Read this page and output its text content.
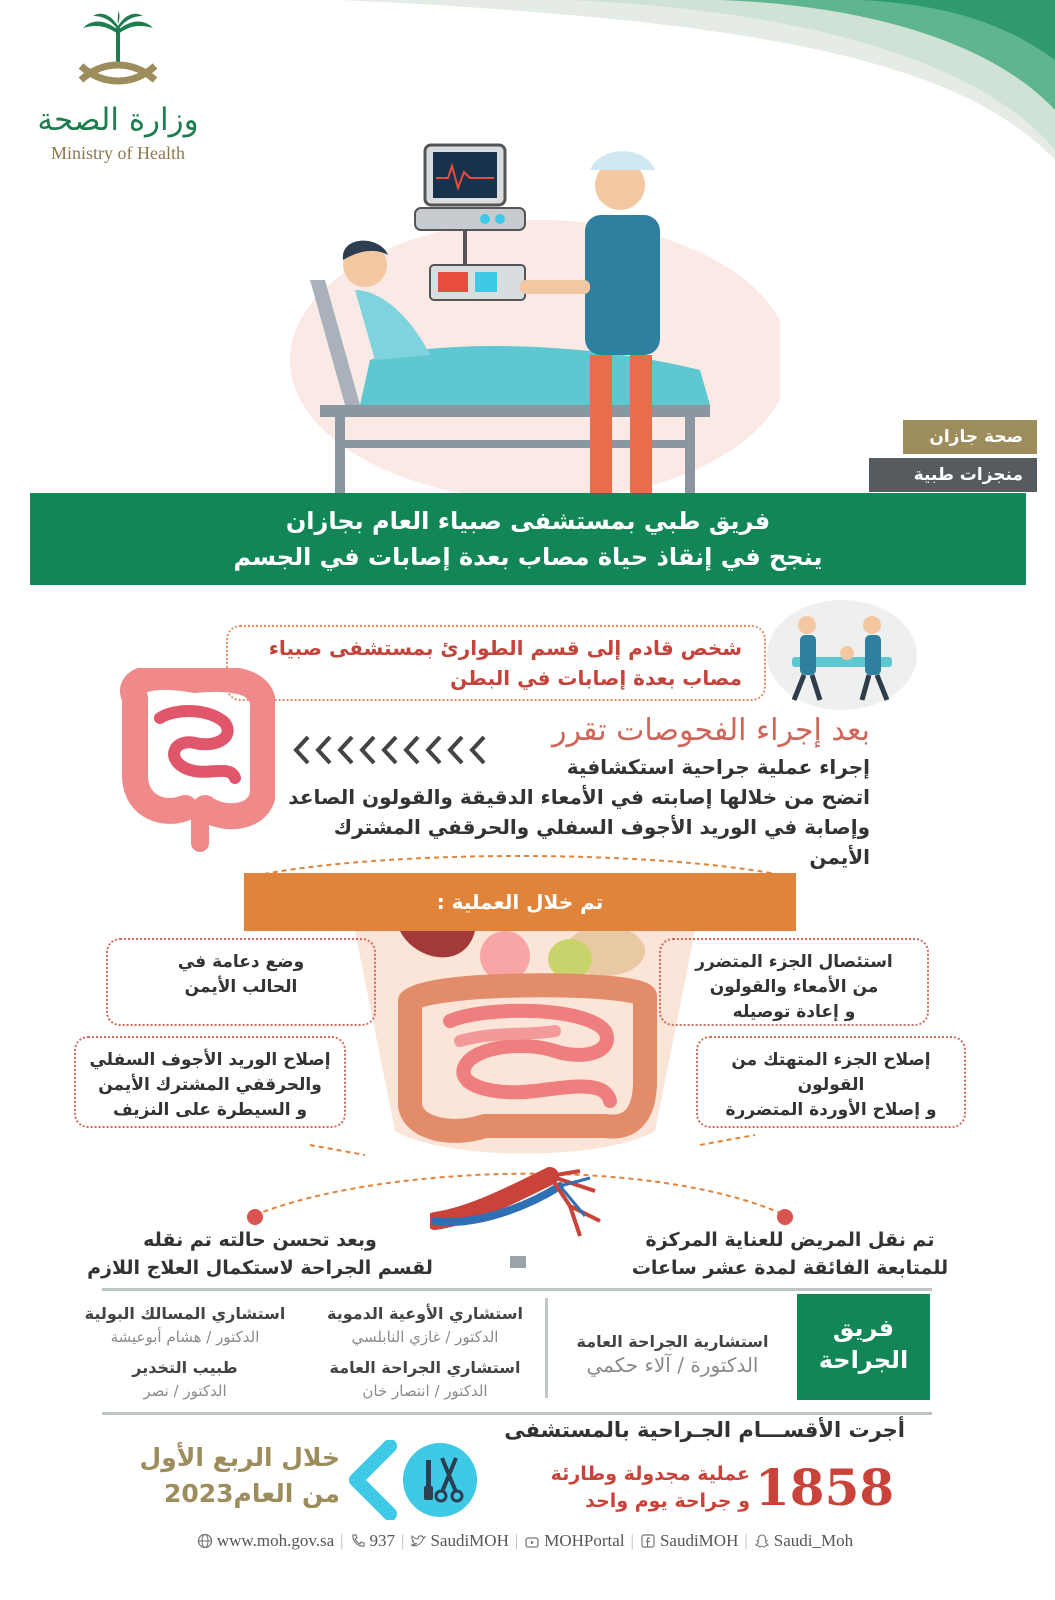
وزارة الصحة
Ministry of Health
صحة جازان
منجزات طبية
فريق طبي بمستشفى صبياء العام بجازان
ينجح في إنقاذ حياة مصاب بعدة إصابات في الجسم
شخص قادم إلى قسم الطوارئ بمستشفى صبياء
مصاب بعدة إصابات في البطن
بعد إجراء الفحوصات تقرر
إجراء عملية جراحية استكشافية
اتضح من خلالها إصابته في الأمعاء الدقيقة والقولون الصاعد
وإصابة في الوريد الأجوف السفلي والحرقفي المشترك الأيمن
تم خلال العملية :
وضع دعامة في
الحالب الأيمن
إصلاح الوريد الأجوف السفلي
والحرقفي المشترك الأيمن
و السيطرة على النزيف
استئصال الجزء المتضرر
من الأمعاء والقولون
و إعادة توصيله
إصلاح الجزء المتهتك من القولون
و إصلاح الأوردة المتضررة
تم نقل المريض للعناية المركزة
للمتابعة الفائقة لمدة عشر ساعات
وبعد تحسن حالته تم نقله
لقسم الجراحة لاستكمال العلاج اللازم
فريق
الجراحة
استشارية الجراحة العامة
الدكتورة / آلاء حكمي
استشاري الأوعية الدموية
الدكتور / غازي النابلسي
استشاري المسالك البولية
الدكتور / هشام أبوعيشة
استشاري الجراحة العامة
الدكتور / انتصار خان
طبيب التخدير
الدكتور / نصر
أجرت الأقســـام الجـراحية بالمستشفى
1858
عملية مجدولة وطارئة
و جراحة يوم واحد
خلال الربع الأول
من العام2023
www.moh.gov.sa | 937 | SaudiMOH | MOHPortal | SaudiMOH | Saudi_Moh
